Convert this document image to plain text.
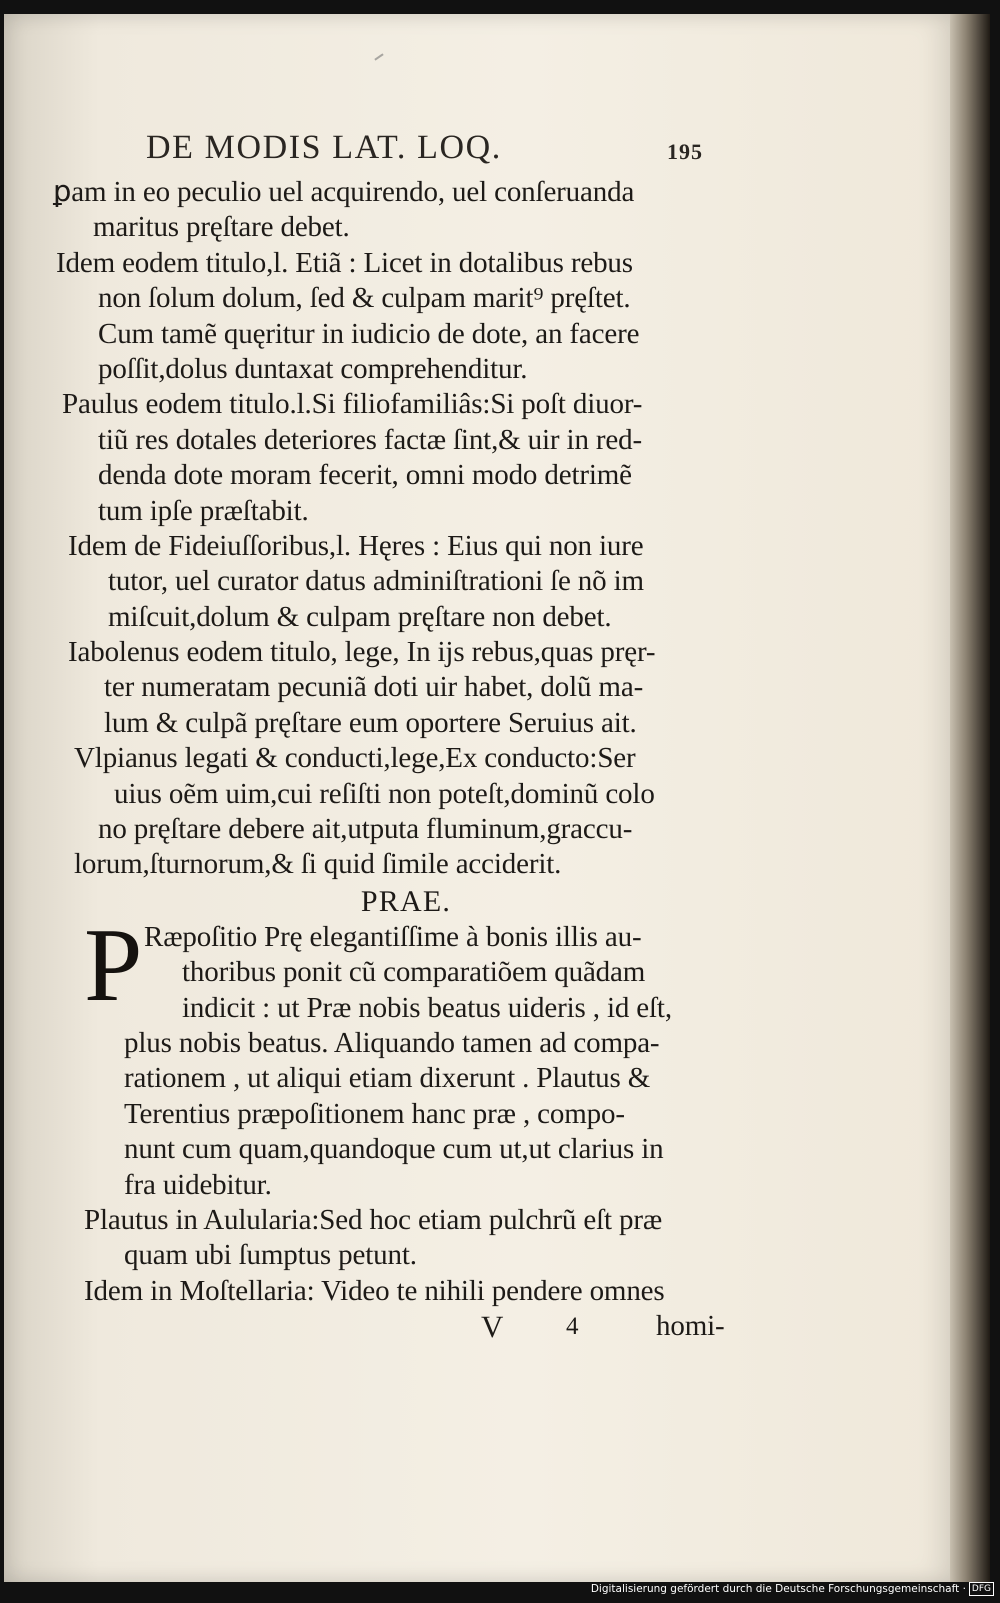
DE MODIS LAT. LOQ.	195
ꝑam in eo peculio uel acquirendo, uel conſeruanda
maritus pręſtare debet.
Idem eodem titulo,l. Etiã : Licet in dotalibus rebus
non ſolum dolum, ſed & culpam marit⁹ pręſtet.
Cum tamẽ quęritur in iudicio de dote, an facere
poſſit,dolus duntaxat comprehenditur.
Paulus eodem titulo.l.Si filiofamiliâs:Si poſt diuor-
tiũ res dotales deteriores factæ ſint,& uir in red-
denda dote moram fecerit, omni modo detrimẽ
tum ipſe præſtabit.
Idem de Fideiuſſoribus,l. Hęres : Eius qui non iure
tutor, uel curator datus adminiſtrationi ſe nõ im
miſcuit,dolum & culpam pręſtare non debet.
Iabolenus eodem titulo, lege, In ijs rebus,quas pręr-
ter numeratam pecuniã doti uir habet, dolũ ma-
lum & culpã pręſtare eum oportere Seruius ait.
Vlpianus legati & conducti,lege,Ex conducto:Ser
uius oẽm uim,cui reſiſti non poteſt,dominũ colo
no pręſtare debere ait,utputa fluminum,graccu-
lorum,ſturnorum,& ſi quid ſimile acciderit.
PRAE.
P Ræpoſitio Prę elegantiſſime à bonis illis au-
thoribus ponit cũ comparatiõem quãdam
indicit : ut Præ nobis beatus uideris , id eſt,
plus nobis beatus. Aliquando tamen ad compa-
rationem , ut aliqui etiam dixerunt . Plautus &
Terentius præpoſitionem hanc præ , compo-
nunt cum quam,quandoque cum ut,ut clarius in
fra uidebitur.
Plautus in Aulularia:Sed hoc etiam pulchrũ eſt præ
quam ubi ſumptus petunt.
Idem in Moſtellaria: Video te nihili pendere omnes
V	4	homi-
Digitalisierung gefördert durch die Deutsche Forschungsgemeinschaft · DFG
